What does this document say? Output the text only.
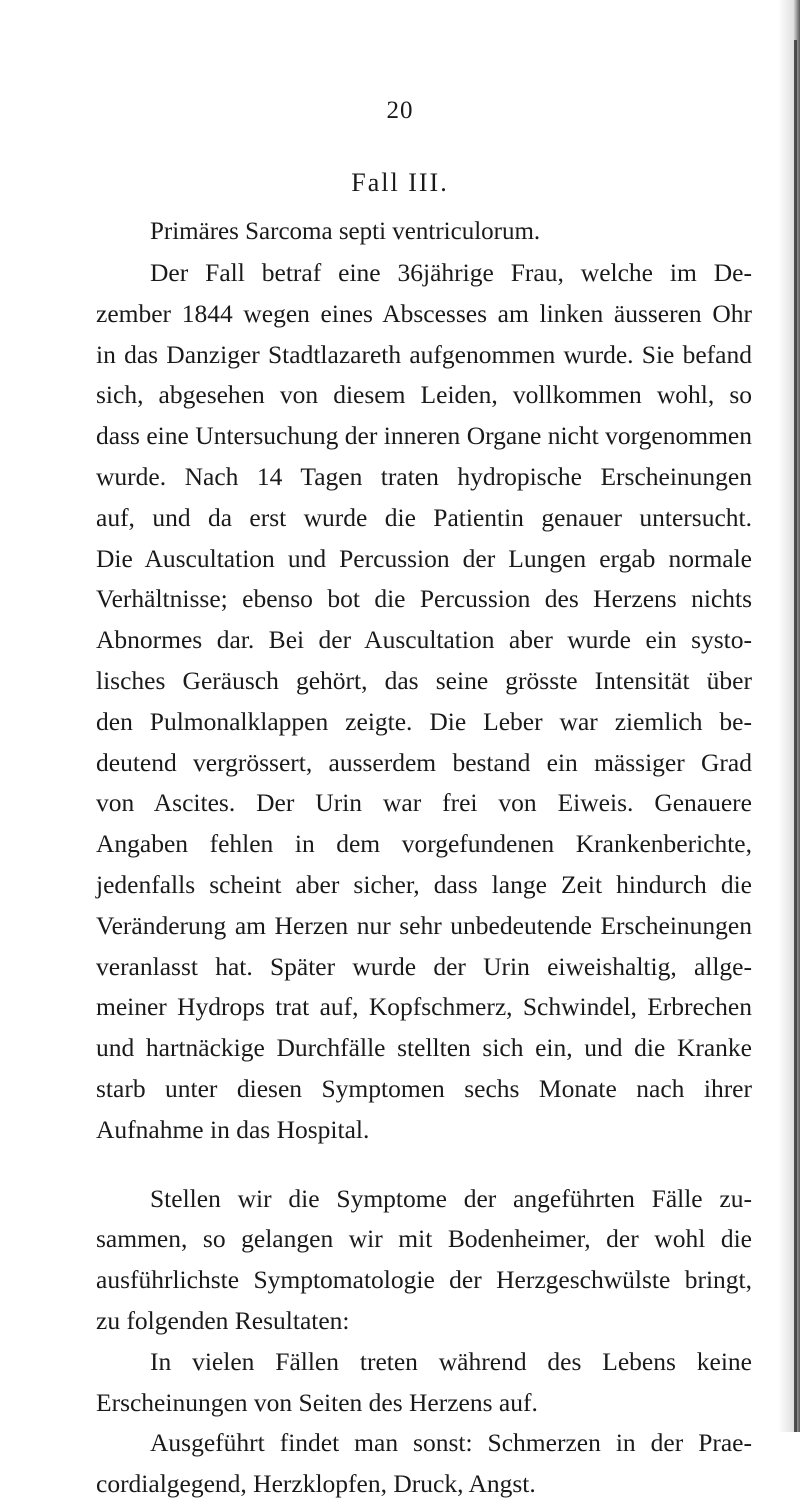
20
Fall III.
Primäres Sarcoma septi ventriculorum.
Der Fall betraf eine 36jährige Frau, welche im De-
zember 1844 wegen eines Abscesses am linken äusseren Ohr
in das Danziger Stadtlazareth aufgenommen wurde. Sie befand
sich, abgesehen von diesem Leiden, vollkommen wohl, so
dass eine Untersuchung der inneren Organe nicht vorgenommen
wurde. Nach 14 Tagen traten hydropische Erscheinungen
auf, und da erst wurde die Patientin genauer untersucht.
Die Auscultation und Percussion der Lungen ergab normale
Verhältnisse; ebenso bot die Percussion des Herzens nichts
Abnormes dar. Bei der Auscultation aber wurde ein systo-
lisches Geräusch gehört, das seine grösste Intensität über
den Pulmonalklappen zeigte. Die Leber war ziemlich be-
deutend vergrössert, ausserdem bestand ein mässiger Grad
von Ascites. Der Urin war frei von Eiweis. Genauere
Angaben fehlen in dem vorgefundenen Krankenberichte,
jedenfalls scheint aber sicher, dass lange Zeit hindurch die
Veränderung am Herzen nur sehr unbedeutende Erscheinungen
veranlasst hat. Später wurde der Urin eiweishaltig, allge-
meiner Hydrops trat auf, Kopfschmerz, Schwindel, Erbrechen
und hartnäckige Durchfälle stellten sich ein, und die Kranke
starb unter diesen Symptomen sechs Monate nach ihrer
Aufnahme in das Hospital.
Stellen wir die Symptome der angeführten Fälle zu-
sammen, so gelangen wir mit Bodenheimer, der wohl die
ausführlichste Symptomatologie der Herzgeschwülste bringt,
zu folgenden Resultaten:
In vielen Fällen treten während des Lebens keine
Erscheinungen von Seiten des Herzens auf.
Ausgeführt findet man sonst: Schmerzen in der Prae-
cordialgegend, Herzklopfen, Druck, Angst.
